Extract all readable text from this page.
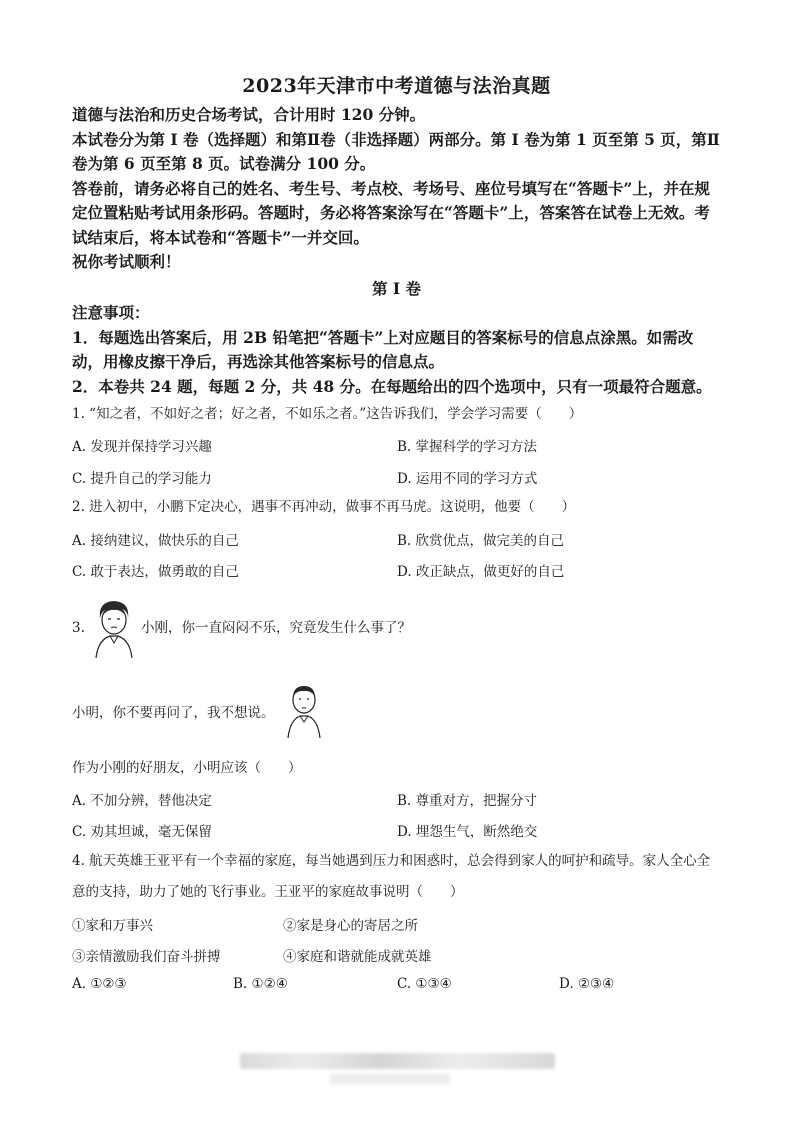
2023年天津市中考道德与法治真题

道德与法治和历史合场考试，合计用时 120 分钟。

本试卷分为第 I 卷（选择题）和第Ⅱ卷（非选择题）两部分。第 I 卷为第 1 页至第 5 页，第Ⅱ卷为第 6 页至第 8 页。试卷满分 100 分。

答卷前，请务必将自己的姓名、考生号、考点校、考场号、座位号填写在“答题卡”上，并在规定位置粘贴考试用条形码。答题时，务必将答案涂写在“答题卡”上，答案答在试卷上无效。考试结束后，将本试卷和“答题卡”一并交回。

祝你考试顺利！

第 I 卷

注意事项：

1．每题选出答案后，用 2B 铅笔把“答题卡”上对应题目的答案标号的信息点涂黑。如需改动，用橡皮擦干净后，再选涂其他答案标号的信息点。

2．本卷共 24 题，每题 2 分，共 48 分。在每题给出的四个选项中，只有一项最符合题意。

1. “知之者，不如好之者；好之者，不如乐之者。”这告诉我们，学会学习需要（　　）
A. 发现并保持学习兴趣	B. 掌握科学的学习方法
C. 提升自己的学习能力	D. 运用不同的学习方式
2. 进入初中，小鹏下定决心，遇事不再冲动，做事不再马虎。这说明，他要（　　）
A. 接纳建议，做快乐的自己	B. 欣赏优点，做完美的自己
C. 敢于表达，做勇敢的自己	D. 改正缺点，做更好的自己
3.	小刚，你一直闷闷不乐，究竟发生什么事了？
小明，你不要再问了，我不想说。
作为小刚的好朋友，小明应该（　　）
A. 不加分辨，替他决定	B. 尊重对方，把握分寸
C. 劝其坦诚，毫无保留	D. 埋怨生气，断然绝交
4. 航天英雄王亚平有一个幸福的家庭，每当她遇到压力和困惑时，总会得到家人的呵护和疏导。家人全心全意的支持，助力了她的飞行事业。王亚平的家庭故事说明（　　）
①家和万事兴	②家是身心的寄居之所
③亲情激励我们奋斗拼搏	④家庭和谐就能成就英雄
A. ①②③	B. ①②④	C. ①③④	D. ②③④
